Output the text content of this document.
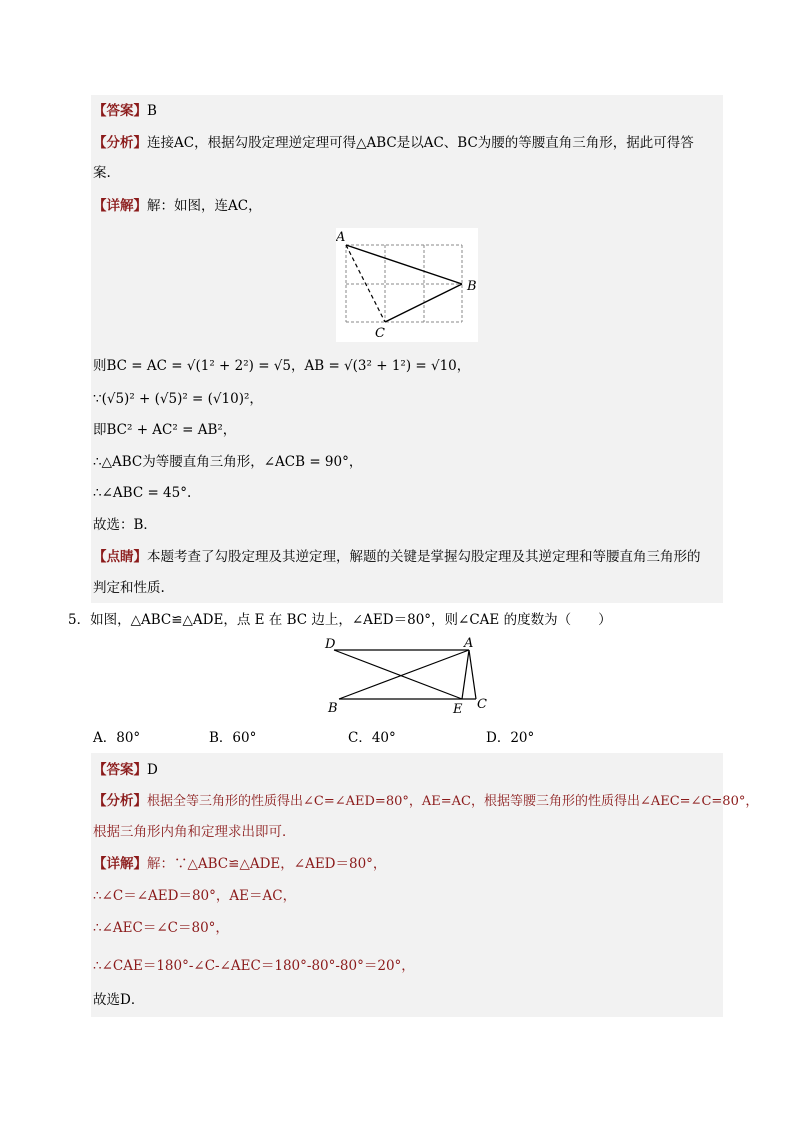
【答案】B
【分析】连接AC，根据勾股定理逆定理可得△ABC是以AC、BC为腰的等腰直角三角形，据此可得答
案.
【详解】解：如图，连AC，
A
B
C
则BC = AC = √(1² + 2²) = √5，AB = √(3² + 1²) = √10，
∵(√5)² + (√5)² = (√10)²，
即BC² + AC² = AB²，
∴△ABC为等腰直角三角形，∠ACB = 90°，
∴∠ABC = 45°.
故选：B．
【点睛】本题考查了勾股定理及其逆定理，解题的关键是掌握勾股定理及其逆定理和等腰直角三角形的
判定和性质.
5．如图，△ABC≌△ADE，点 E 在 BC 边上，∠AED＝80°，则∠CAE 的度数为（　　）
D	A
B	E C
A．80°	B．60°	C．40°	D．20°
【答案】D
【分析】根据全等三角形的性质得出∠C=∠AED=80°，AE=AC，根据等腰三角形的性质得出∠AEC=∠C=80°，
根据三角形内角和定理求出即可．
【详解】解：∵△ABC≌△ADE，∠AED＝80°，
∴∠C＝∠AED＝80°，AE＝AC，
∴∠AEC＝∠C＝80°，
∴∠CAE＝180°-∠C-∠AEC＝180°-80°-80°＝20°，
故选D．
